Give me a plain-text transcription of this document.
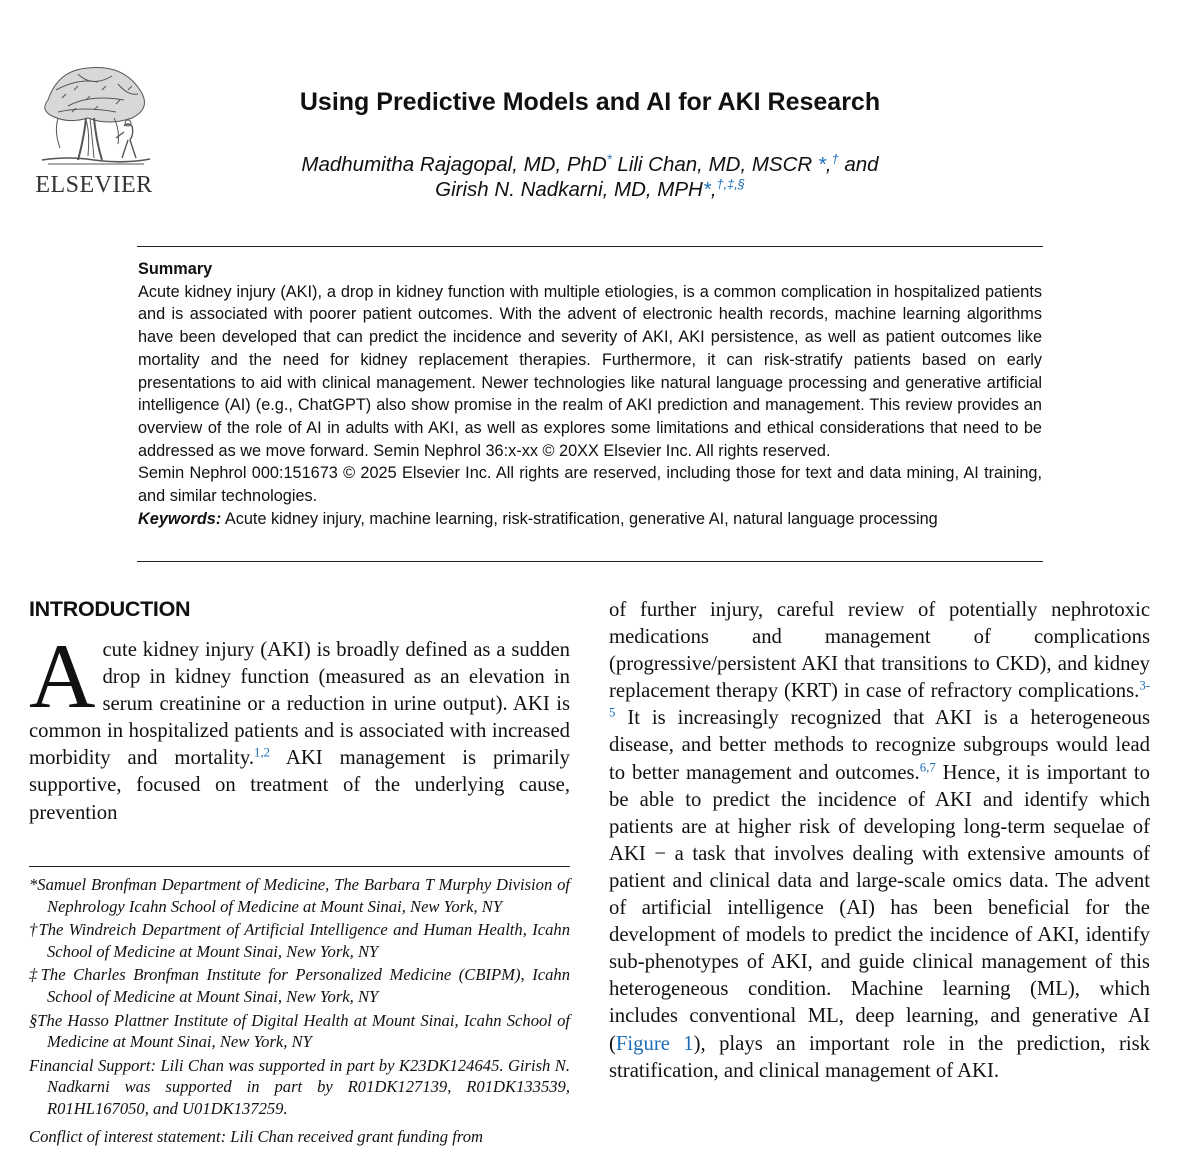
ELSEVIER
Using Predictive Models and AI for AKI Research
Madhumitha Rajagopal, MD, PhD* Lili Chan, MD, MSCR *,† and
Girish N. Nadkarni, MD, MPH*,†,‡,§
Summary
Acute kidney injury (AKI), a drop in kidney function with multiple etiologies, is a common complication in hospitalized patients and is associated with poorer patient outcomes. With the advent of electronic health records, machine learning algorithms have been developed that can predict the incidence and severity of AKI, AKI persistence, as well as patient outcomes like mortality and the need for kidney replacement therapies. Furthermore, it can risk-stratify patients based on early presentations to aid with clinical management. Newer technologies like natural language processing and generative artificial intelligence (AI) (e.g., ChatGPT) also show promise in the realm of AKI prediction and management. This review provides an overview of the role of AI in adults with AKI, as well as explores some limitations and ethical considerations that need to be addressed as we move forward. Semin Nephrol 36:x-xx © 20XX Elsevier Inc. All rights reserved.
Semin Nephrol 000:151673 © 2025 Elsevier Inc. All rights are reserved, including those for text and data mining, AI training, and similar technologies.
Keywords: Acute kidney injury, machine learning, risk-stratification, generative AI, natural language processing
INTRODUCTION
Acute kidney injury (AKI) is broadly defined as a sudden drop in kidney function (measured as an elevation in serum creatinine or a reduction in urine output). AKI is common in hospitalized patients and is associated with increased morbidity and mortality.$^{1,2}$ AKI management is primarily supportive, focused on treatment of the underlying cause, prevention
*Samuel Bronfman Department of Medicine, The Barbara T Murphy Division of Nephrology Icahn School of Medicine at Mount Sinai, New York, NY
†The Windreich Department of Artificial Intelligence and Human Health, Icahn School of Medicine at Mount Sinai, New York, NY
‡The Charles Bronfman Institute for Personalized Medicine (CBIPM), Icahn School of Medicine at Mount Sinai, New York, NY
§The Hasso Plattner Institute of Digital Health at Mount Sinai, Icahn School of Medicine at Mount Sinai, New York, NY
Financial Support: Lili Chan was supported in part by K23DK124645. Girish N. Nadkarni was supported in part by R01DK127139, R01DK133539, R01HL167050, and U01DK137259.
Conflict of interest statement: Lili Chan received grant funding from
of further injury, careful review of potentially nephrotoxic medications and management of complications (progressive/persistent AKI that transitions to CKD), and kidney replacement therapy (KRT) in case of refractory complications.$^{3-5}$ It is increasingly recognized that AKI is a heterogeneous disease, and better methods to recognize subgroups would lead to better management and outcomes.$^{6,7}$ Hence, it is important to be able to predict the incidence of AKI and identify which patients are at higher risk of developing long-term sequelae of AKI − a task that involves dealing with extensive amounts of patient and clinical data and large-scale omics data. The advent of artificial intelligence (AI) has been beneficial for the development of models to predict the incidence of AKI, identify sub-phenotypes of AKI, and guide clinical management of this heterogeneous condition. Machine learning (ML), which includes conventional ML, deep learning, and generative AI (Figure 1), plays an important role in the prediction, risk stratification, and clinical management of AKI.
